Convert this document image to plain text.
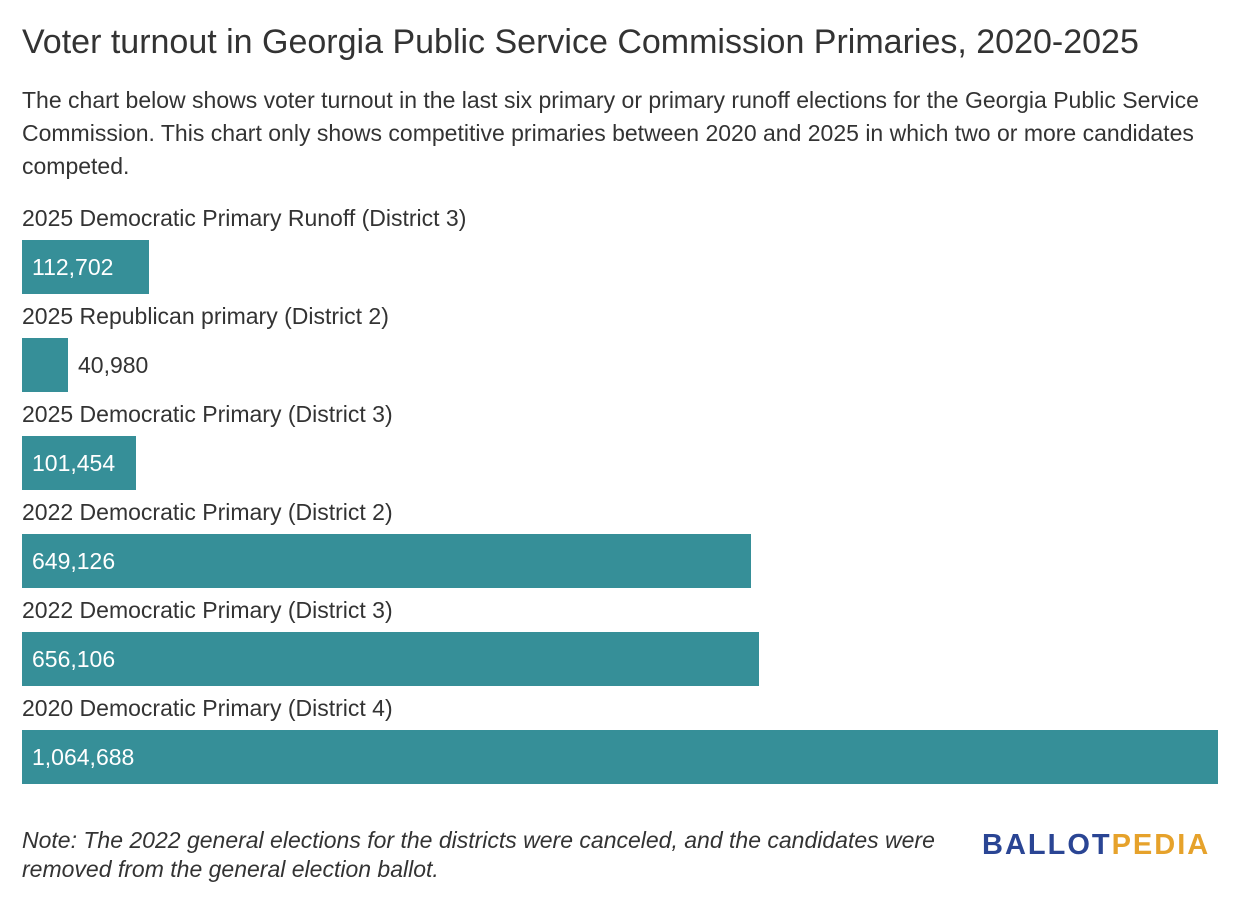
Voter turnout in Georgia Public Service Commission Primaries, 2020-2025

The chart below shows voter turnout in the last six primary or primary runoff elections for the Georgia Public Service Commission. This chart only shows competitive primaries between 2020 and 2025 in which two or more candidates competed.

2025 Democratic Primary Runoff (District 3)
112,702
2025 Republican primary (District 2)
40,980
2025 Democratic Primary (District 3)
101,454
2022 Democratic Primary (District 2)
649,126
2022 Democratic Primary (District 3)
656,106
2020 Democratic Primary (District 4)
1,064,688

Note: The 2022 general elections for the districts were canceled, and the candidates were removed from the general election ballot.

BALLOTPEDIA
